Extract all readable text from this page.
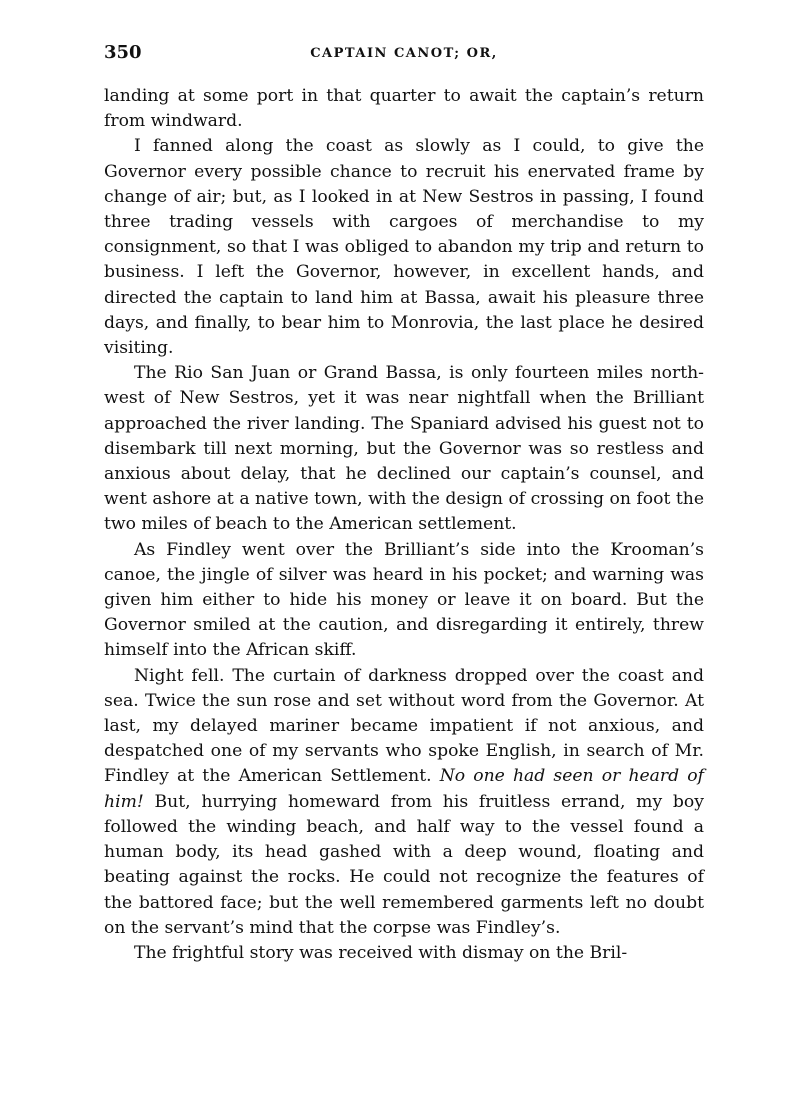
350	CAPTAIN CANOT; OR,

landing at some port in that quarter to await the captain’s return from windward.

I fanned along the coast as slowly as I could, to give the Governor every possible chance to recruit his enervated frame by change of air; but, as I looked in at New Sestros in passing, I found three trading vessels with cargoes of merchandise to my consignment, so that I was obliged to abandon my trip and return to business. I left the Governor, however, in excellent hands, and directed the captain to land him at Bassa, await his pleasure three days, and finally, to bear him to Monrovia, the last place he desired visiting.

The Rio San Juan or Grand Bassa, is only fourteen miles north-west of New Sestros, yet it was near nightfall when the Brilliant approached the river landing. The Spaniard advised his guest not to disembark till next morning, but the Governor was so restless and anxious about delay, that he declined our captain’s counsel, and went ashore at a native town, with the design of crossing on foot the two miles of beach to the American settlement.

As Findley went over the Brilliant’s side into the Krooman’s canoe, the jingle of silver was heard in his pocket; and warning was given him either to hide his money or leave it on board. But the Governor smiled at the caution, and disregarding it entirely, threw himself into the African skiff.

Night fell. The curtain of darkness dropped over the coast and sea. Twice the sun rose and set without word from the Governor. At last, my delayed mariner became impatient if not anxious, and despatched one of my servants who spoke English, in search of Mr. Findley at the American Settlement. No one had seen or heard of him! But, hurrying homeward from his fruitless errand, my boy followed the winding beach, and half way to the vessel found a human body, its head gashed with a deep wound, floating and beating against the rocks. He could not recognize the features of the battored face; but the well remembered garments left no doubt on the servant’s mind that the corpse was Findley’s.

The frightful story was received with dismay on the Bril-
